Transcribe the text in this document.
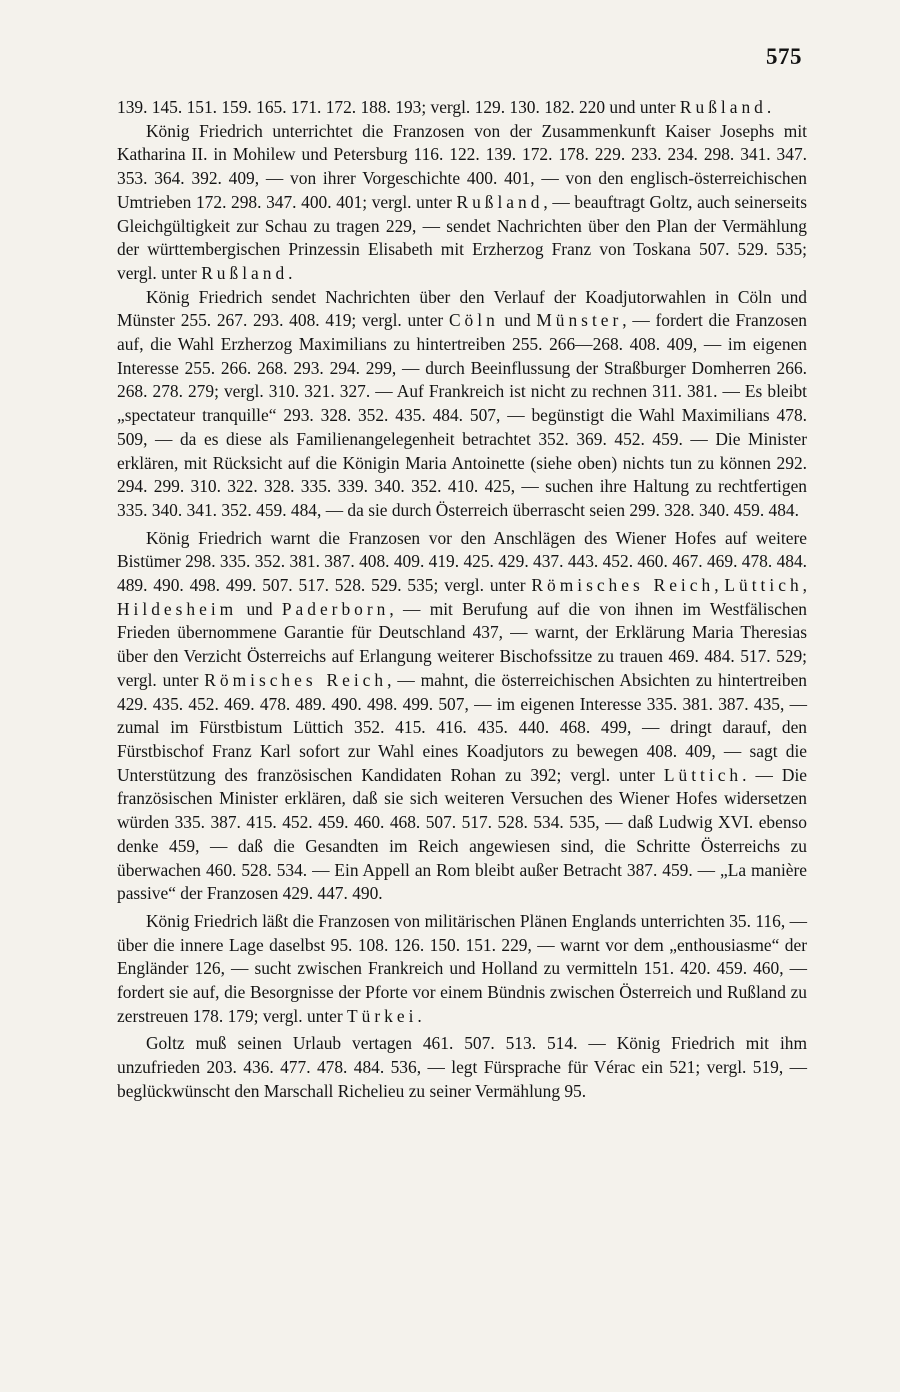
575

139. 145. 151. 159. 165. 171. 172. 188. 193; vergl. 129. 130. 182. 220 und unter Rußland.

König Friedrich unterrichtet die Franzosen von der Zusammenkunft Kaiser Josephs mit Katharina II. in Mohilew und Petersburg 116. 122. 139. 172. 178. 229. 233. 234. 298. 341. 347. 353. 364. 392. 409, — von ihrer Vorgeschichte 400. 401, — von den englisch-österreichischen Umtrieben 172. 298. 347. 400. 401; vergl. unter Rußland, — beauftragt Goltz, auch seinerseits Gleichgültigkeit zur Schau zu tragen 229, — sendet Nachrichten über den Plan der Vermählung der württembergischen Prinzessin Elisabeth mit Erzherzog Franz von Toskana 507. 529. 535; vergl. unter Rußland.

König Friedrich sendet Nachrichten über den Verlauf der Koadjutorwahlen in Cöln und Münster 255. 267. 293. 408. 419; vergl. unter Cöln und Münster, — fordert die Franzosen auf, die Wahl Erzherzog Maximilians zu hintertreiben 255. 266—268. 408. 409, — im eigenen Interesse 255. 266. 268. 293. 294. 299, — durch Beeinflussung der Straßburger Domherren 266. 268. 278. 279; vergl. 310. 321. 327. — Auf Frankreich ist nicht zu rechnen 311. 381. — Es bleibt „spectateur tranquille“ 293. 328. 352. 435. 484. 507, — begünstigt die Wahl Maximilians 478. 509, — da es diese als Familienangelegenheit betrachtet 352. 369. 452. 459. — Die Minister erklären, mit Rücksicht auf die Königin Maria Antoinette (siehe oben) nichts tun zu können 292. 294. 299. 310. 322. 328. 335. 339. 340. 352. 410. 425, — suchen ihre Haltung zu rechtfertigen 335. 340. 341. 352. 459. 484, — da sie durch Österreich überrascht seien 299. 328. 340. 459. 484.

König Friedrich warnt die Franzosen vor den Anschlägen des Wiener Hofes auf weitere Bistümer 298. 335. 352. 381. 387. 408. 409. 419. 425. 429. 437. 443. 452. 460. 467. 469. 478. 484. 489. 490. 498. 499. 507. 517. 528. 529. 535; vergl. unter Römisches Reich, Lüttich, Hildesheim und Paderborn, — mit Berufung auf die von ihnen im Westfälischen Frieden übernommene Garantie für Deutschland 437, — warnt, der Erklärung Maria Theresias über den Verzicht Österreichs auf Erlangung weiterer Bischofssitze zu trauen 469. 484. 517. 529; vergl. unter Römisches Reich, — mahnt, die österreichischen Absichten zu hintertreiben 429. 435. 452. 469. 478. 489. 490. 498. 499. 507, — im eigenen Interesse 335. 381. 387. 435, — zumal im Fürstbistum Lüttich 352. 415. 416. 435. 440. 468. 499, — dringt darauf, den Fürstbischof Franz Karl sofort zur Wahl eines Koadjutors zu bewegen 408. 409, — sagt die Unterstützung des französischen Kandidaten Rohan zu 392; vergl. unter Lüttich. — Die französischen Minister erklären, daß sie sich weiteren Versuchen des Wiener Hofes widersetzen würden 335. 387. 415. 452. 459. 460. 468. 507. 517. 528. 534. 535, — daß Ludwig XVI. ebenso denke 459, — daß die Gesandten im Reich angewiesen sind, die Schritte Österreichs zu überwachen 460. 528. 534. — Ein Appell an Rom bleibt außer Betracht 387. 459. — „La manière passive“ der Franzosen 429. 447. 490.

König Friedrich läßt die Franzosen von militärischen Plänen Englands unterrichten 35. 116, — über die innere Lage daselbst 95. 108. 126. 150. 151. 229, — warnt vor dem „enthousiasme“ der Engländer 126, — sucht zwischen Frankreich und Holland zu vermitteln 151. 420. 459. 460, — fordert sie auf, die Besorgnisse der Pforte vor einem Bündnis zwischen Österreich und Rußland zu zerstreuen 178. 179; vergl. unter Türkei.

Goltz muß seinen Urlaub vertagen 461. 507. 513. 514. — König Friedrich mit ihm unzufrieden 203. 436. 477. 478. 484. 536, — legt Fürsprache für Vérac ein 521; vergl. 519, — beglückwünscht den Marschall Richelieu zu seiner Vermählung 95.
